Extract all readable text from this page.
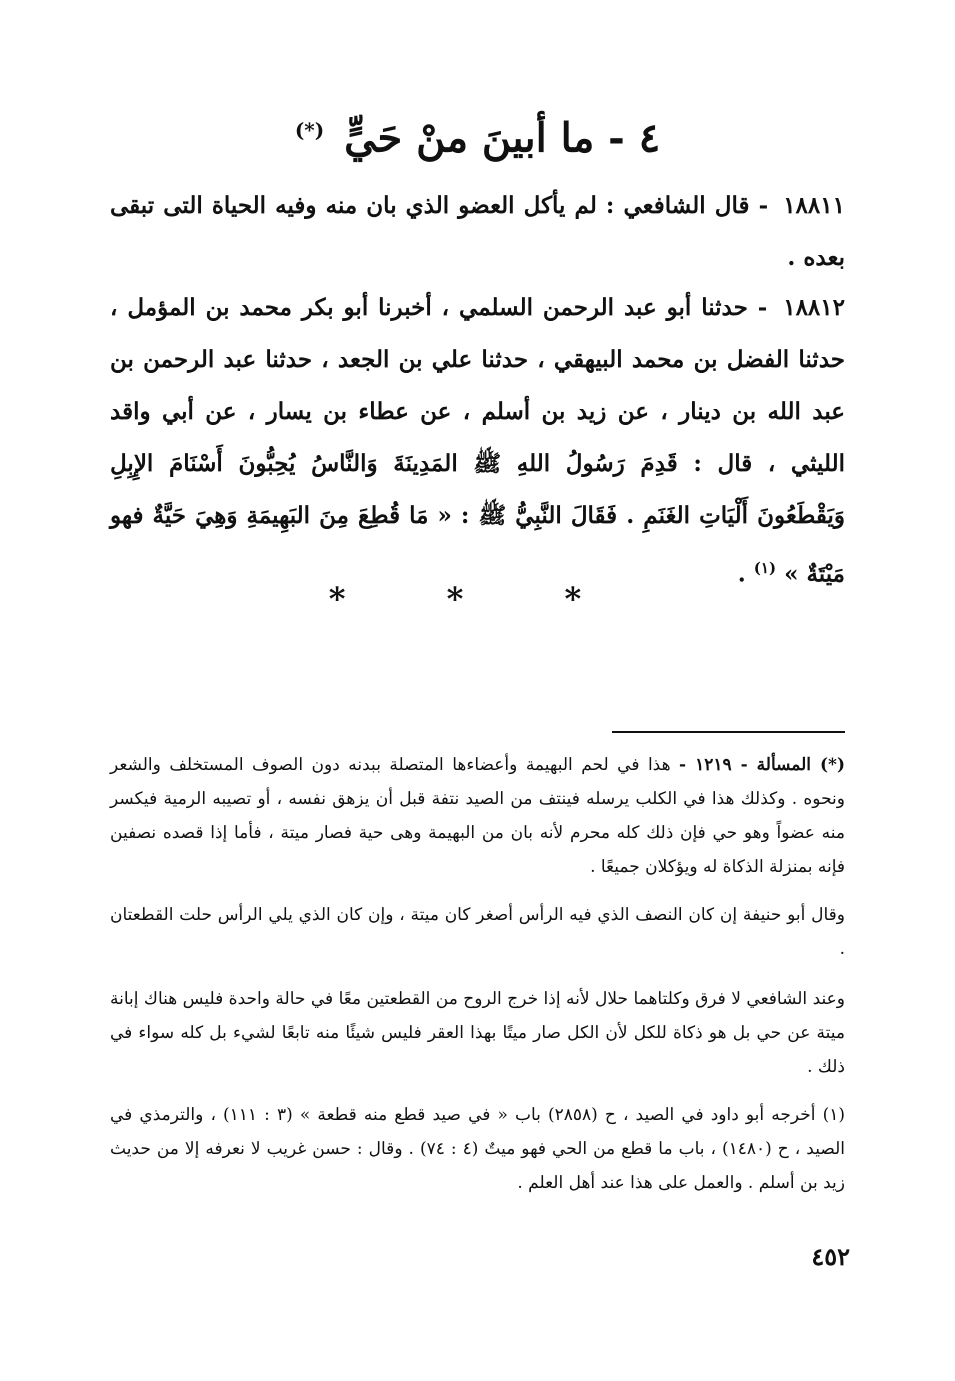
٤ - ما أبينَ منْ حَيٍّ (*)
١٨٨١١ - قال الشافعي : لم يأكل العضو الذي بان منه وفيه الحياة التى تبقى بعده .
١٨٨١٢ - حدثنا أبو عبد الرحمن السلمي ، أخبرنا أبو بكر محمد بن المؤمل ، حدثنا الفضل بن محمد البيهقي ، حدثنا علي بن الجعد ، حدثنا عبد الرحمن بن عبد الله بن دينار ، عن زيد بن أسلم ، عن عطاء بن يسار ، عن أبي واقد الليثي ، قال : قَدِمَ رَسُولُ اللهِ ﷺ المَدِينَةَ وَالنَّاسُ يُحِبُّونَ أَسْنَامَ الإِبِلِ وَيَقْطَعُونَ أَلْيَاتِ الغَنَمِ . فَقَالَ النَّبِيُّ ﷺ : « مَا قُطِعَ مِنَ البَهِيمَةِ وَهِيَ حَيَّةٌ فهو مَيْتَةٌ » $^{(١)}$ .
* * *
(*) المسألة - ١٢١٩ - هذا في لحم البهيمة وأعضاءها المتصلة ببدنه دون الصوف المستخلف والشعر ونحوه . وكذلك هذا في الكلب يرسله فينتف من الصيد نتفة قبل أن يزهق نفسه ، أو تصيبه الرمية فيكسر منه عضواً وهو حي فإن ذلك كله محرم لأنه بان من البهيمة وهى حية فصار ميتة ، فأما إذا قصده نصفين فإنه بمنزلة الذكاة له ويؤكلان جميعًا .
وقال أبو حنيفة إن كان النصف الذي فيه الرأس أصغر كان ميتة ، وإن كان الذي يلي الرأس حلت القطعتان .
وعند الشافعي لا فرق وكلتاهما حلال لأنه إذا خرج الروح من القطعتين معًا في حالة واحدة فليس هناك إبانة ميتة عن حي بل هو ذكاة للكل لأن الكل صار ميتًا بهذا العقر فليس شيئًا منه تابعًا لشيء بل كله سواء في ذلك .
(١) أخرجه أبو داود في الصيد ، ح (٢٨٥٨) باب « في صيد قطع منه قطعة » (٣ : ١١١) ، والترمذي في الصيد ، ح (١٤٨٠) ، باب ما قطع من الحي فهو ميتٌ (٤ : ٧٤) . وقال : حسن غريب لا نعرفه إلا من حديث زيد بن أسلم . والعمل على هذا عند أهل العلم .
٤٥٢
